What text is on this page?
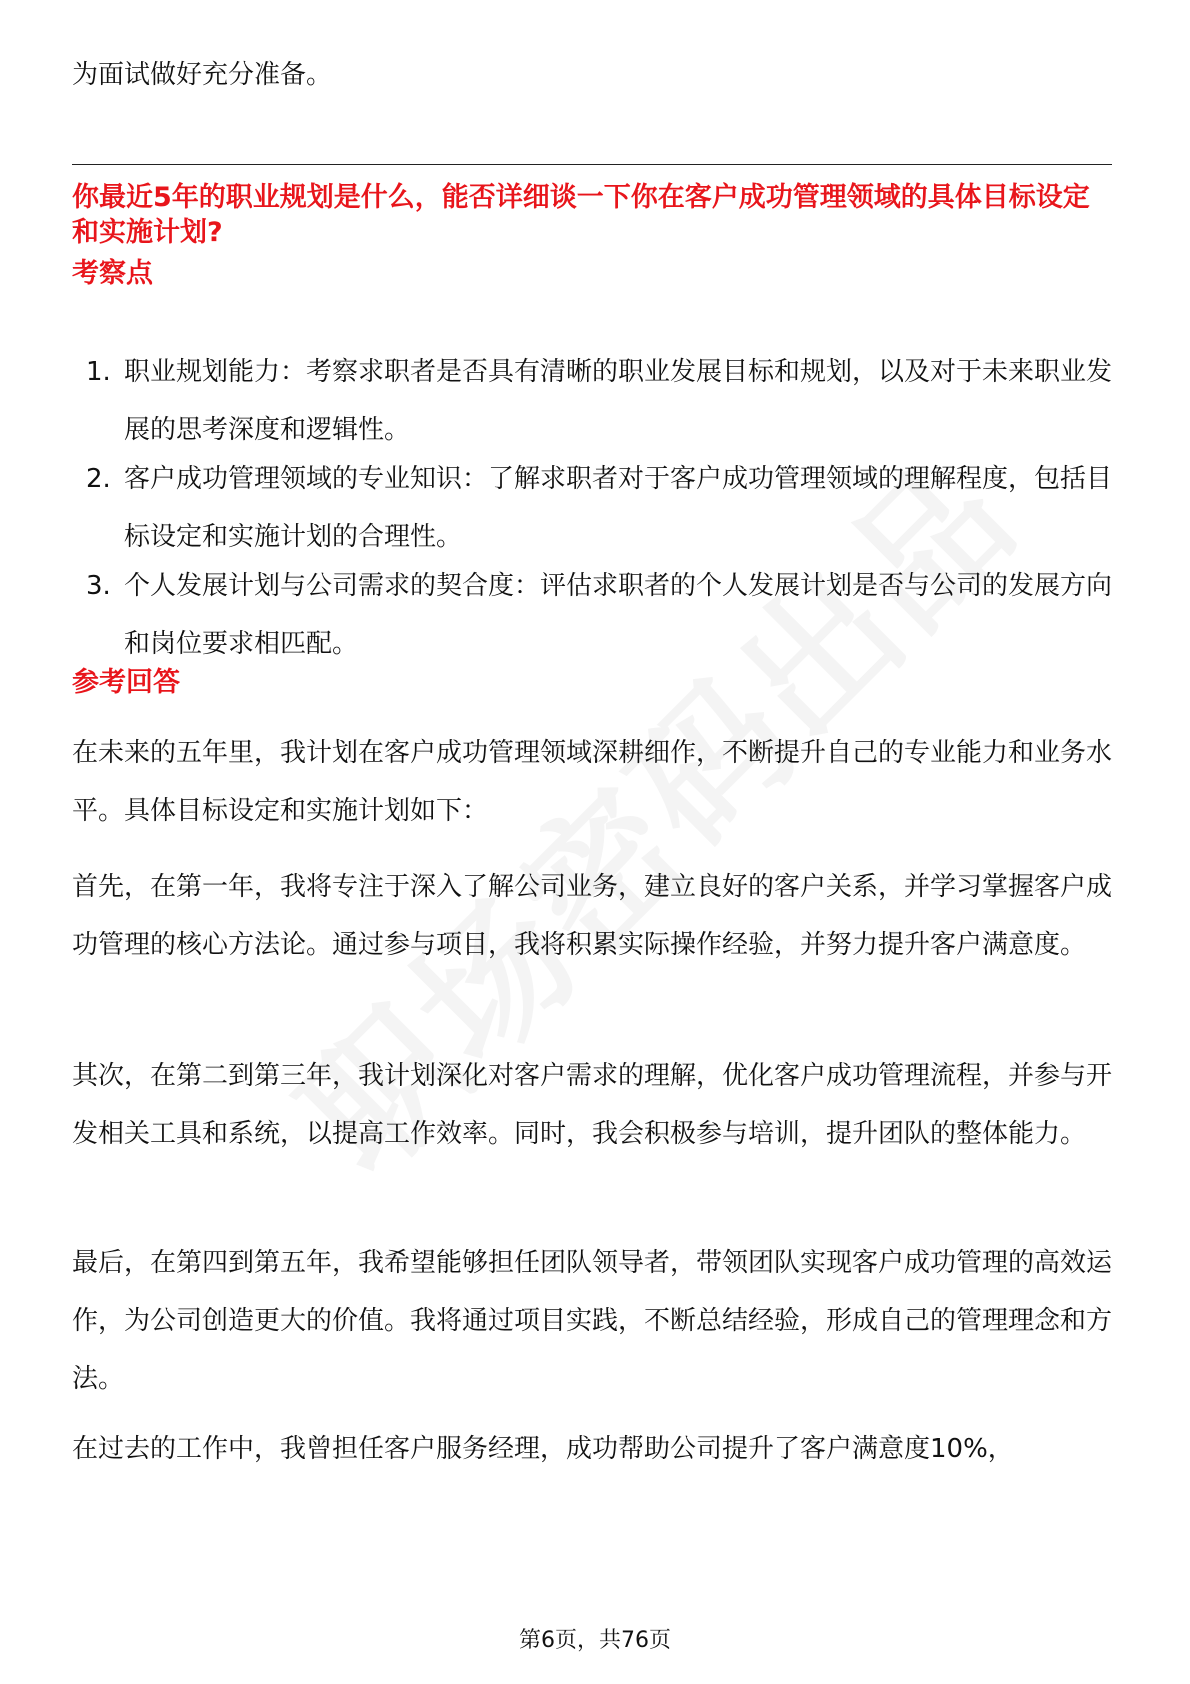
为面试做好充分准备。

你最近5年的职业规划是什么，能否详细谈一下你在客户成功管理领域的具体目标设定和实施计划?

考察点

1. 职业规划能力：考察求职者是否具有清晰的职业发展目标和规划，以及对于未来职业发展的思考深度和逻辑性。
2. 客户成功管理领域的专业知识：了解求职者对于客户成功管理领域的理解程度，包括目标设定和实施计划的合理性。
3. 个人发展计划与公司需求的契合度：评估求职者的个人发展计划是否与公司的发展方向和岗位要求相匹配。

参考回答

在未来的五年里，我计划在客户成功管理领域深耕细作，不断提升自己的专业能力和业务水平。具体目标设定和实施计划如下：

首先，在第一年，我将专注于深入了解公司业务，建立良好的客户关系，并学习掌握客户成功管理的核心方法论。通过参与项目，我将积累实际操作经验，并努力提升客户满意度。

其次，在第二到第三年，我计划深化对客户需求的理解，优化客户成功管理流程，并参与开发相关工具和系统，以提高工作效率。同时，我会积极参与培训，提升团队的整体能力。

最后，在第四到第五年，我希望能够担任团队领导者，带领团队实现客户成功管理的高效运作，为公司创造更大的价值。我将通过项目实践，不断总结经验，形成自己的管理理念和方法。

在过去的工作中，我曾担任客户服务经理，成功帮助公司提升了客户满意度10%，

第6页，共76页
